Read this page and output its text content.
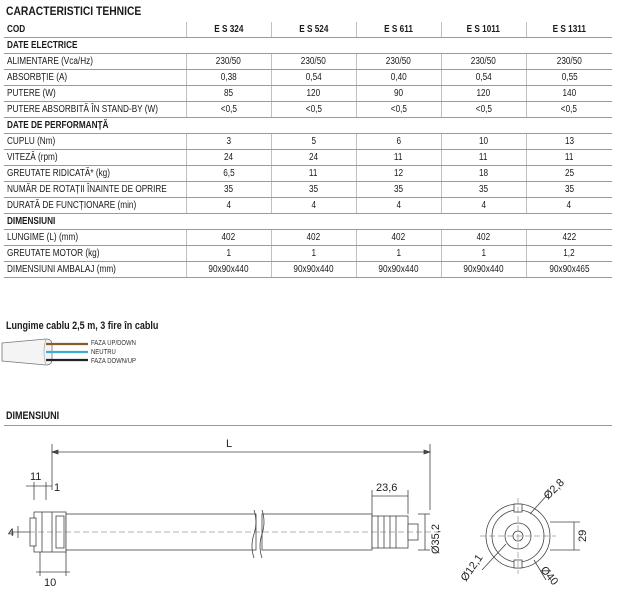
CARACTERISTICI TEHNICE
COD	E S 324	E S 524	E S 611	E S 1011	E S 1311
DATE ELECTRICE					
ALIMENTARE (Vca/Hz)	230/50	230/50	230/50	230/50	230/50
ABSORBȚIE (A)	0,38	0,54	0,40	0,54	0,55
PUTERE (W)	85	120	90	120	140
PUTERE ABSORBITĂ ÎN STAND-BY (W)	<0,5	<0,5	<0,5	<0,5	<0,5
DATE DE PERFORMANȚĂ					
CUPLU (Nm)	3	5	6	10	13
VITEZĂ (rpm)	24	24	11	11	11
GREUTATE RIDICATĂ* (kg)	6,5	11	12	18	25
NUMĂR DE ROTAȚII ÎNAINTE DE OPRIRE	35	35	35	35	35
DURATĂ DE FUNCȚIONARE (min)	4	4	4	4	4
DIMENSIUNI					
LUNGIME (L) (mm)	402	402	402	402	422
GREUTATE MOTOR (kg)	1	1	1	1	1,2
DIMENSIUNI AMBALAJ (mm)	90x90x440	90x90x440	90x90x440	90x90x440	90x90x465
Lungime cablu 2,5 m, 3 fire în cablu
FAZA UP/DOWN
NEUTRU
FAZA DOWN/UP
DIMENSIUNI
L
11
1
10
4
23,6
Ø35,2
Ø2,8
29
Ø12,1	Ø40
